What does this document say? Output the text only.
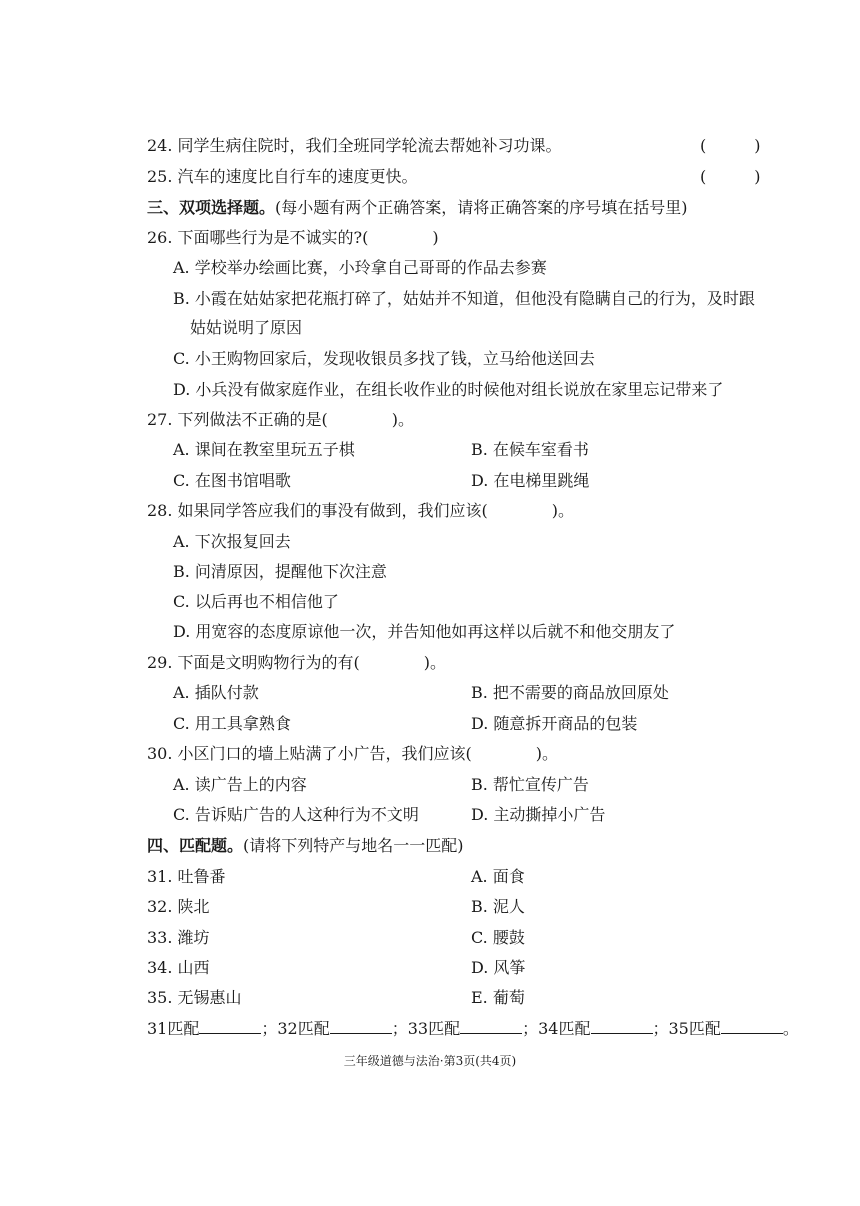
24. 同学生病住院时，我们全班同学轮流去帮她补习功课。	(　　　)
25. 汽车的速度比自行车的速度更快。	(　　　)
三、双项选择题。(每小题有两个正确答案，请将正确答案的序号填在括号里)
26. 下面哪些行为是不诚实的?(　　　　)
A. 学校举办绘画比赛，小玲拿自己哥哥的作品去参赛
B. 小霞在姑姑家把花瓶打碎了，姑姑并不知道，但他没有隐瞒自己的行为，及时跟
姑姑说明了原因
C. 小王购物回家后，发现收银员多找了钱，立马给他送回去
D. 小兵没有做家庭作业，在组长收作业的时候他对组长说放在家里忘记带来了
27. 下列做法不正确的是(　　　　)。
A. 课间在教室里玩五子棋	B. 在候车室看书
C. 在图书馆唱歌	D. 在电梯里跳绳
28. 如果同学答应我们的事没有做到，我们应该(　　　　)。
A. 下次报复回去
B. 问清原因，提醒他下次注意
C. 以后再也不相信他了
D. 用宽容的态度原谅他一次，并告知他如再这样以后就不和他交朋友了
29. 下面是文明购物行为的有(　　　　)。
A. 插队付款	B. 把不需要的商品放回原处
C. 用工具拿熟食	D. 随意拆开商品的包装
30. 小区门口的墙上贴满了小广告，我们应该(　　　　)。
A. 读广告上的内容	B. 帮忙宣传广告
C. 告诉贴广告的人这种行为不文明	D. 主动撕掉小广告
四、匹配题。(请将下列特产与地名一一匹配)
31. 吐鲁番	A. 面食
32. 陕北	B. 泥人
33. 潍坊	C. 腰鼓
34. 山西	D. 风筝
35. 无锡惠山	E. 葡萄
31匹配	；32匹配	；33匹配	；34匹配	；35匹配	。
三年级道德与法治·第3页(共4页)
